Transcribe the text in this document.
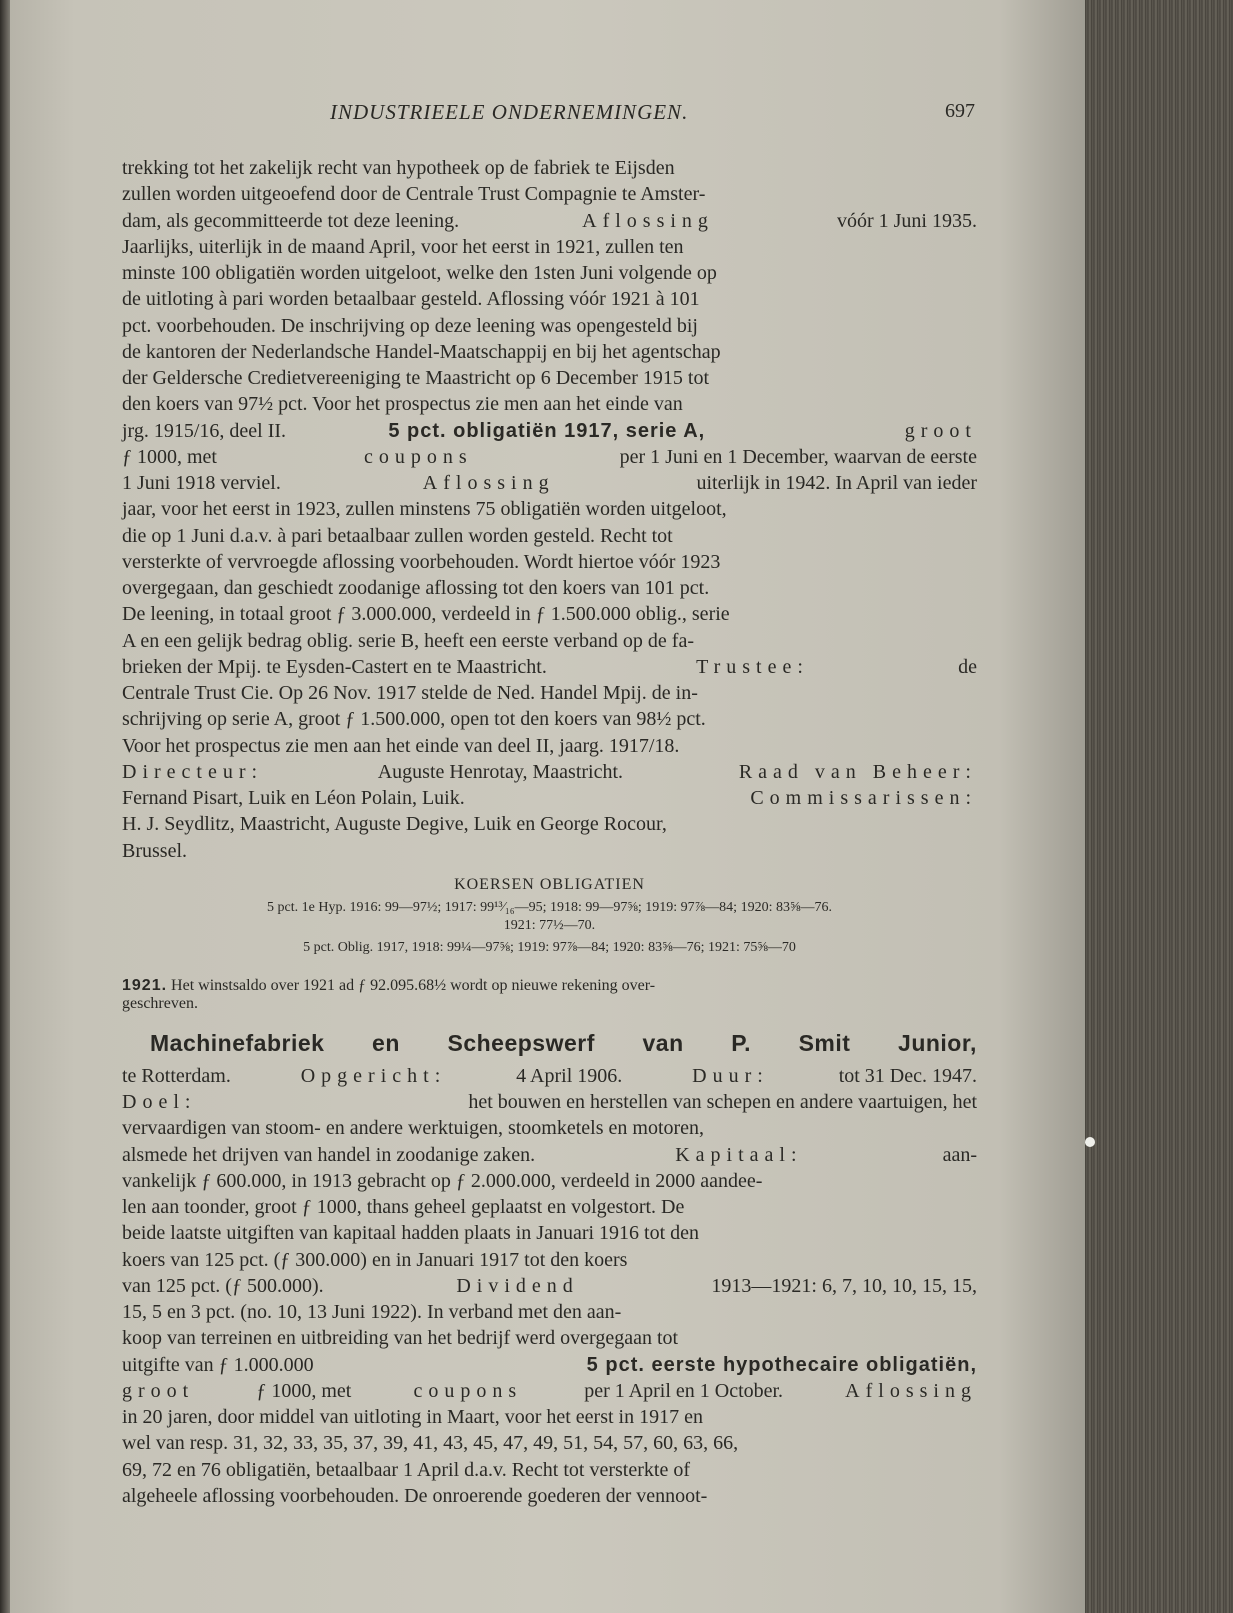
INDUSTRIEELE ONDERNEMINGEN.	697
trekking tot het zakelijk recht van hypotheek op de fabriek te Eijsden
zullen worden uitgeoefend door de Centrale Trust Compagnie te Amster-
dam, als gecommitteerde tot deze leening.	Aflossing	vóór 1 Juni 1935.
Jaarlijks, uiterlijk in de maand April, voor het eerst in 1921, zullen ten
minste 100 obligatiën worden uitgeloot, welke den 1sten Juni volgende op
de uitloting à pari worden betaalbaar gesteld. Aflossing vóór 1921 à 101
pct. voorbehouden. De inschrijving op deze leening was opengesteld bij
de kantoren der Nederlandsche Handel-Maatschappij en bij het agentschap
der Geldersche Credietvereeniging te Maastricht op 6 December 1915 tot
den koers van 97½ pct. Voor het prospectus zie men aan het einde van
jrg. 1915/16, deel II.	5 pct. obligatiën 1917, serie A,
	groot
ƒ 1000, met	coupons	per 1 Juni en 1 December, waarvan de eerste
1 Juni 1918 verviel.	Aflossing	uiterlijk in 1942. In April van ieder
jaar, voor het eerst in 1923, zullen minstens 75 obligatiën worden uitgeloot,
die op 1 Juni d.a.v. à pari betaalbaar zullen worden gesteld. Recht tot
versterkte of vervroegde aflossing voorbehouden. Wordt hiertoe vóór 1923
overgegaan, dan geschiedt zoodanige aflossing tot den koers van 101 pct.
De leening, in totaal groot ƒ 3.000.000, verdeeld in ƒ 1.500.000 oblig., serie
A en een gelijk bedrag oblig. serie B, heeft een eerste verband op de fa-
brieken der Mpij. te Eysden-Castert en te Maastricht.	Trustee:	de
Centrale Trust Cie. Op 26 Nov. 1917 stelde de Ned. Handel Mpij. de in-
schrijving op serie A, groot ƒ 1.500.000, open tot den koers van 98½ pct.
Voor het prospectus zie men aan het einde van deel II, jaarg. 1917/18.
Directeur:	Auguste Henrotay, Maastricht.	Raad van Beheer:
Fernand Pisart, Luik en Léon Polain, Luik.	Commissarissen:
H. J. Seydlitz, Maastricht, Auguste Degive, Luik en George Rocour,
Brussel.
KOERSEN OBLIGATIEN
5 pct. 1e Hyp. 1916: 99—97½; 1917: 99¹³⁄₁₆—95; 1918: 99—97⅝; 1919: 97⅞—84; 1920: 83⅝—76.
1921: 77½—70.
5 pct. Oblig. 1917, 1918: 99¼—97⅝; 1919: 97⅞—84; 1920: 83⅝—76; 1921: 75⅝—70
1921. Het winstsaldo over 1921 ad ƒ 92.095.68½ wordt op nieuwe rekening over-
geschreven.
Machinefabriek en Scheepswerf van P. Smit Junior,
te Rotterdam.	Opgericht:	4 April 1906.	Duur:	tot 31 Dec. 1947.
Doel:	het bouwen en herstellen van schepen en andere vaartuigen, het
vervaardigen van stoom- en andere werktuigen, stoomketels en motoren,
alsmede het drijven van handel in zoodanige zaken.	Kapitaal:	aan-
vankelijk ƒ 600.000, in 1913 gebracht op ƒ 2.000.000, verdeeld in 2000 aandee-
len aan toonder, groot ƒ 1000, thans geheel geplaatst en volgestort. De
beide laatste uitgiften van kapitaal hadden plaats in Januari 1916 tot den
koers van 125 pct. (ƒ 300.000) en in Januari 1917 tot den koers
van 125 pct. (ƒ 500.000).	Dividend	1913—1921: 6, 7, 10, 10, 15, 15,
15, 5 en 3 pct. (no. 10, 13 Juni 1922). In verband met den aan-
koop van terreinen en uitbreiding van het bedrijf werd overgegaan tot
uitgifte van ƒ 1.000.000	5 pct. eerste hypothecaire obligatiën,
groot	ƒ 1000, met	coupons	per 1 April en 1 October.	Aflossing
in 20 jaren, door middel van uitloting in Maart, voor het eerst in 1917 en
wel van resp. 31, 32, 33, 35, 37, 39, 41, 43, 45, 47, 49, 51, 54, 57, 60, 63, 66,
69, 72 en 76 obligatiën, betaalbaar 1 April d.a.v. Recht tot versterkte of
algeheele aflossing voorbehouden. De onroerende goederen der vennoot-
